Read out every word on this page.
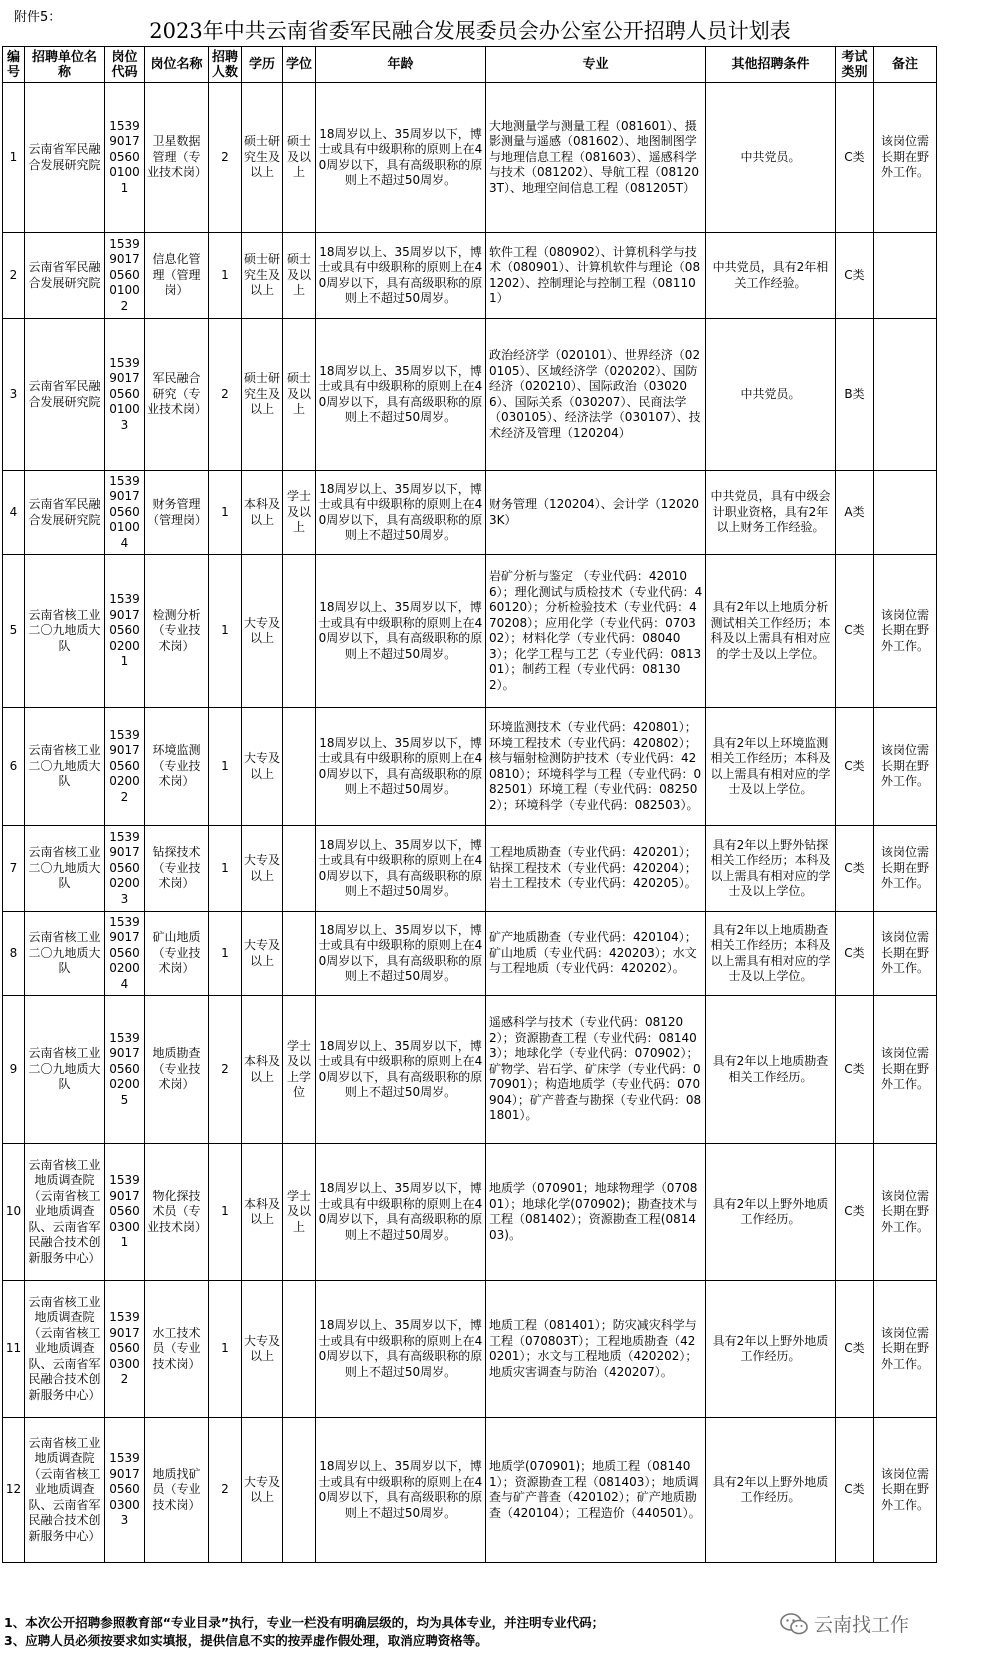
附件5：
2023年中共云南省委军民融合发展委员会办公室公开招聘人员计划表
编号	招聘单位名称	岗位代码	岗位名称	招聘人数	学历	学位	年龄	专业	其他招聘条件	考试类别	备注
1	云南省军民融合发展研究院	15399017056001001	卫星数据管理（专业技术岗）	2	硕士研究生及以上	硕士及以上	18周岁以上、35周岁以下，博士或具有中级职称的原则上在40周岁以下，具有高级职称的原则上不超过50周岁。	大地测量学与测量工程（081601）、摄影测量与遥感（081602）、地图制图学与地理信息工程（081603）、遥感科学与技术（081202）、导航工程（081203T）、地理空间信息工程（081205T）	中共党员。	C类	该岗位需长期在野外工作。
2	云南省军民融合发展研究院	15399017056001002	信息化管理（管理岗）	1	硕士研究生及以上	硕士及以上	18周岁以上、35周岁以下，博士或具有中级职称的原则上在40周岁以下，具有高级职称的原则上不超过50周岁。	软件工程（080902）、计算机科学与技术（080901）、计算机软件与理论（081202）、控制理论与控制工程（081101）	中共党员，具有2年相关工作经验。	C类	
3	云南省军民融合发展研究院	15399017056001003	军民融合研究（专业技术岗）	2	硕士研究生及以上	硕士及以上	18周岁以上、35周岁以下，博士或具有中级职称的原则上在40周岁以下，具有高级职称的原则上不超过50周岁。	政治经济学（020101）、世界经济（020105）、区域经济学（020202）、国防经济（020210）、国际政治（030206）、国际关系（030207）、民商法学（030105）、经济法学（030107）、技术经济及管理（120204）	中共党员。	B类	
4	云南省军民融合发展研究院	15399017056001004	财务管理（管理岗）	1	本科及以上	学士及以上	18周岁以上、35周岁以下，博士或具有中级职称的原则上在40周岁以下，具有高级职称的原则上不超过50周岁。	财务管理（120204）、会计学（120203K）	中共党员，具有中级会计职业资格，具有2年以上财务工作经验。	A类	
5	云南省核工业二〇九地质大队	15399017056002001	检测分析（专业技术岗）	1	大专及以上		18周岁以上、35周岁以下，博士或具有中级职称的原则上在40周岁以下，具有高级职称的原则上不超过50周岁。	岩矿分析与鉴定 （专业代码：420106）；理化测试与质检技术（专业代码：460120）；分析检验技术（专业代码：470208）；应用化学（专业代码：070302）；材料化学（专业代码：080403）；化学工程与工艺（专业代码：081301）；制药工程（专业代码：081302）。	具有2年以上地质分析测试相关工作经历；本科及以上需具有相对应的学士及以上学位。	C类	该岗位需长期在野外工作。
6	云南省核工业二〇九地质大队	15399017056002002	环境监测（专业技术岗）	1	大专及以上		18周岁以上、35周岁以下，博士或具有中级职称的原则上在40周岁以下，具有高级职称的原则上不超过50周岁。	环境监测技术（专业代码：420801）；环境工程技术（专业代码：420802）；核与辐射检测防护技术（专业代码：420810）；环境科学与工程（专业代码：082501）环境工程（专业代码：082502）；环境科学（专业代码：082503）。	具有2年以上环境监测相关工作经历；本科及以上需具有相对应的学士及以上学位。	C类	该岗位需长期在野外工作。
7	云南省核工业二〇九地质大队	15399017056002003	钻探技术（专业技术岗）	1	大专及以上		18周岁以上、35周岁以下，博士或具有中级职称的原则上在40周岁以下，具有高级职称的原则上不超过50周岁。	工程地质勘查（专业代码：420201）；钻探工程技术（专业代码：420204）；岩土工程技术（专业代码：420205）。	具有2年以上野外钻探相关工作经历；本科及以上需具有相对应的学士及以上学位。	C类	该岗位需长期在野外工作。
8	云南省核工业二〇九地质大队	15399017056002004	矿山地质（专业技术岗）	1	大专及以上		18周岁以上、35周岁以下，博士或具有中级职称的原则上在40周岁以下，具有高级职称的原则上不超过50周岁。	矿产地质勘查（专业代码：420104）；矿山地质（专业代码：420203）；水文与工程地质（专业代码：420202）。	具有2年以上地质勘查相关工作经历；本科及以上需具有相对应的学士及以上学位。	C类	该岗位需长期在野外工作。
9	云南省核工业二〇九地质大队	15399017056002005	地质勘查（专业技术岗）	2	本科及以上	学士及以上学位	18周岁以上、35周岁以下，博士或具有中级职称的原则上在40周岁以下，具有高级职称的原则上不超过50周岁。	遥感科学与技术（专业代码：081202）；资源勘查工程（专业代码：081403）；地球化学（专业代码：070902）；矿物学、岩石学、矿床学（专业代码：070901）；构造地质学（专业代码：070904）；矿产普查与勘探（专业代码：081801）。	具有2年以上地质勘查相关工作经历。	C类	该岗位需长期在野外工作。
10	云南省核工业地质调查院（云南省核工业地质调查队、云南省军民融合技术创新服务中心）	15399017056003001	物化探技术员（专业技术岗）	1	本科及以上	学士及以上	18周岁以上、35周岁以下，博士或具有中级职称的原则上在40周岁以下，具有高级职称的原则上不超过50周岁。	地质学（070901；地球物理学（070801）；地球化学(070902)；勘查技术与工程（081402）；资源勘查工程(081403)。	具有2年以上野外地质工作经历。	C类	该岗位需长期在野外工作。
11	云南省核工业地质调查院（云南省核工业地质调查队、云南省军民融合技术创新服务中心）	15399017056003002	水工技术员（专业技术岗）	1	大专及以上		18周岁以上、35周岁以下，博士或具有中级职称的原则上在40周岁以下，具有高级职称的原则上不超过50周岁。	地质工程（081401）；防灾减灾科学与工程（070803T）；工程地质勘查（420201）；水文与工程地质（420202）；地质灾害调查与防治（420207）。	具有2年以上野外地质工作经历。	C类	该岗位需长期在野外工作。
12	云南省核工业地质调查院（云南省核工业地质调查队、云南省军民融合技术创新服务中心）	15399017056003003	地质找矿员（专业技术岗）	2	大专及以上		18周岁以上、35周岁以下，博士或具有中级职称的原则上在40周岁以下，具有高级职称的原则上不超过50周岁。	地质学(070901)；地质工程（081401）；资源勘查工程（081403）；地质调查与矿产普查（420102）；矿产地质勘查（420104）；工程造价（440501）。	具有2年以上野外地质工作经历。	C类	该岗位需长期在野外工作。
1、本次公开招聘参照教育部“专业目录”执行，专业一栏没有明确层级的，均为具体专业，并注明专业代码；
3、应聘人员必须按要求如实填报，提供信息不实的按弄虚作假处理，取消应聘资格等。
云南找工作
